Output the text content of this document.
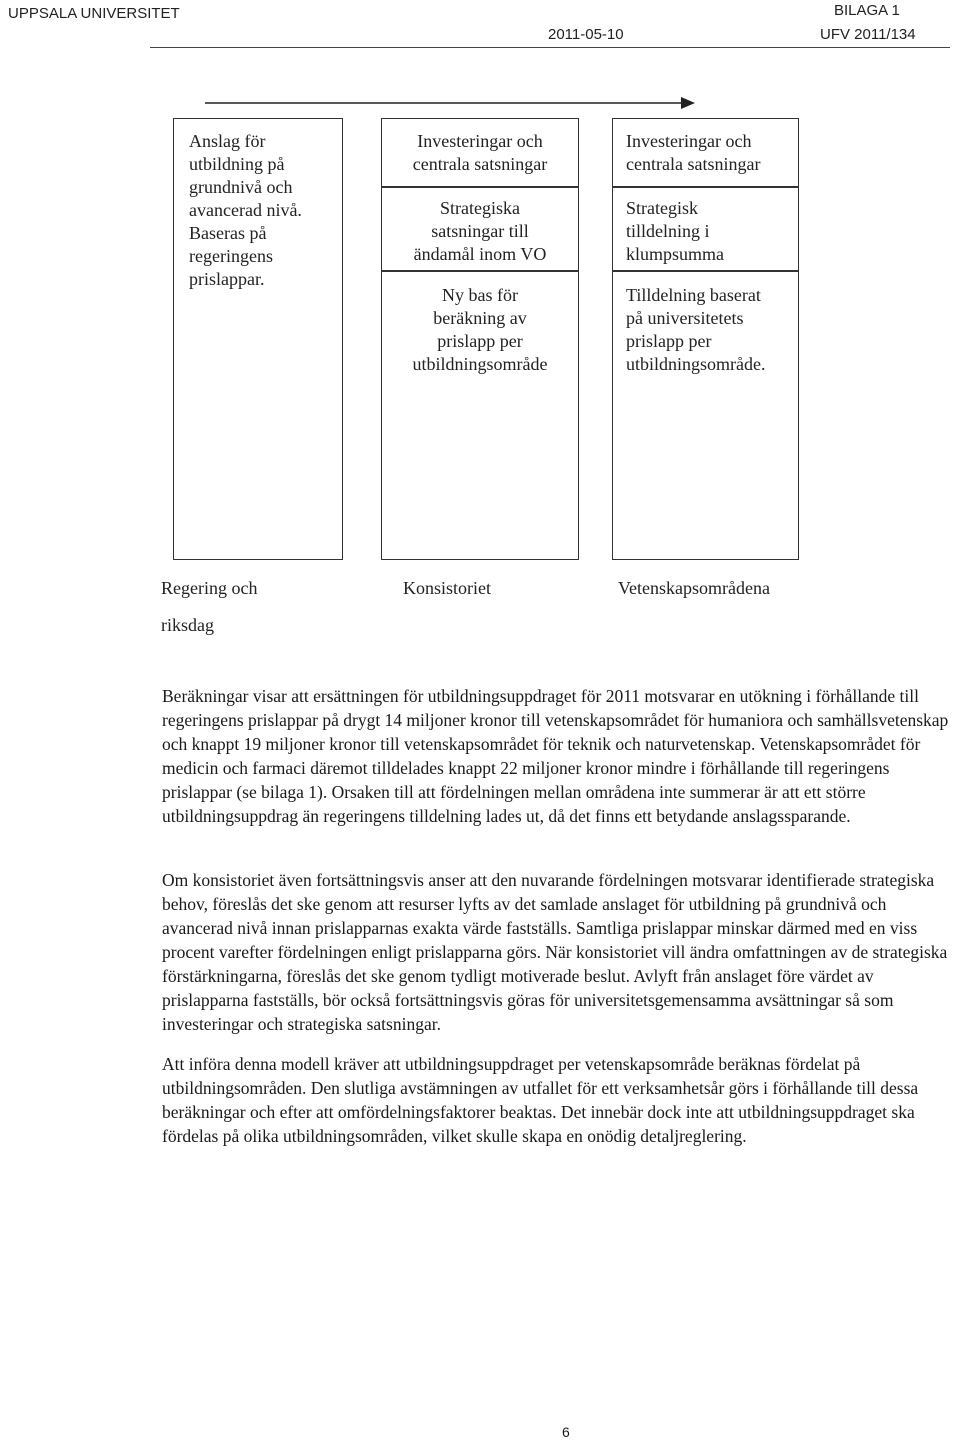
UPPSALA UNIVERSITET
2011-05-10
BILAGA 1
UFV 2011/134
Anslag för
utbildning på
grundnivå och
avancerad nivå.
Baseras på
regeringens
prislappar.
Investeringar och
centrala satsningar
Strategiska
satsningar till
ändamål inom VO
Ny bas för
beräkning av
prislapp per
utbildningsområde
Investeringar och
centrala satsningar
Strategisk
tilldelning i
klumpsumma
Tilldelning baserat
på universitetets
prislapp per
utbildningsområde.
Regering och
riksdag
Konsistoriet	Vetenskapsområdena

Beräkningar visar att ersättningen för utbildningsuppdraget för 2011 motsvarar en utökning i förhållande till regeringens prislappar på drygt 14 miljoner kronor till vetenskapsområdet för humaniora och samhällsvetenskap och knappt 19 miljoner kronor till vetenskapsområdet för teknik och naturvetenskap. Vetenskapsområdet för medicin och farmaci däremot tilldelades knappt 22 miljoner kronor mindre i förhållande till regeringens prislappar (se bilaga 1). Orsaken till att fördelningen mellan områdena inte summerar är att ett större utbildningsuppdrag än regeringens tilldelning lades ut, då det finns ett betydande anslagssparande.

Om konsistoriet även fortsättningsvis anser att den nuvarande fördelningen motsvarar identifierade strategiska behov, föreslås det ske genom att resurser lyfts av det samlade anslaget för utbildning på grundnivå och avancerad nivå innan prislapparnas exakta värde fastställs. Samtliga prislappar minskar därmed med en viss procent varefter fördelningen enligt prislapparna görs. När konsistoriet vill ändra omfattningen av de strategiska förstärkningarna, föreslås det ske genom tydligt motiverade beslut. Avlyft från anslaget före värdet av prislapparna fastställs, bör också fortsättningsvis göras för universitetsgemensamma avsättningar så som investeringar och strategiska satsningar.

Att införa denna modell kräver att utbildningsuppdraget per vetenskapsområde beräknas fördelat på utbildningsområden. Den slutliga avstämningen av utfallet för ett verksamhetsår görs i förhållande till dessa beräkningar och efter att omfördelningsfaktorer beaktas. Det innebär dock inte att utbildningsuppdraget ska fördelas på olika utbildningsområden, vilket skulle skapa en onödig detaljreglering.

6
